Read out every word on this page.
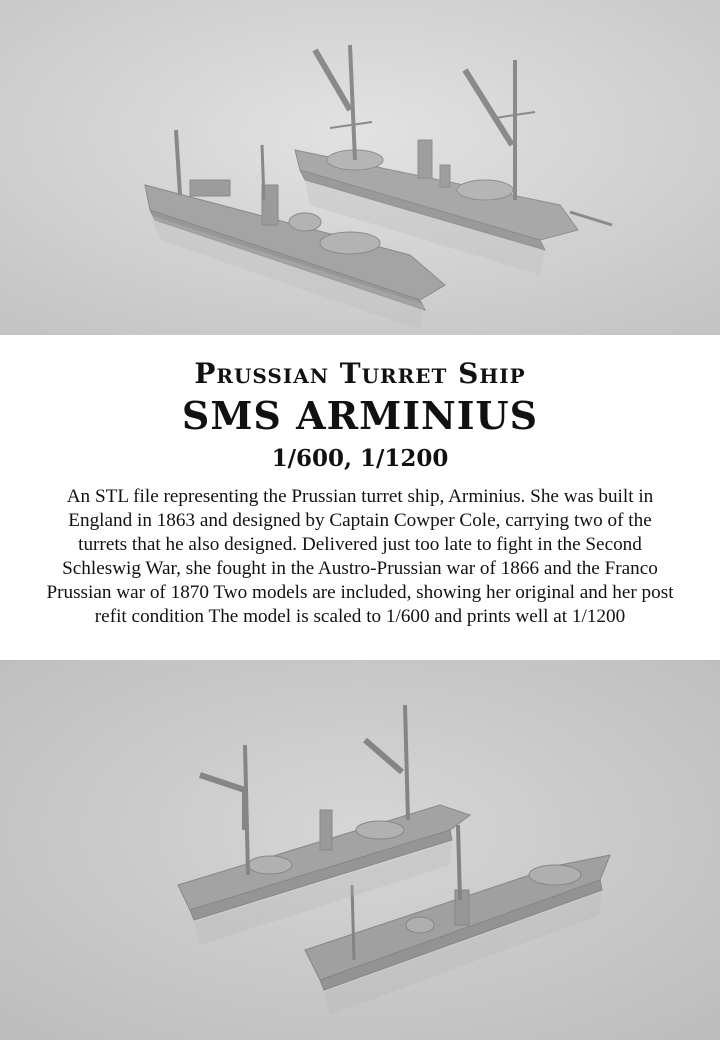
Prussian Turret Ship
SMS ARMINIUS
1/600, 1/1200
An STL file representing the Prussian turret ship, Arminius. She was built in
England in 1863 and designed by Captain Cowper Cole, carrying two of the
turrets that he also designed. Delivered just too late to fight in the Second
Schleswig War, she fought in the Austro-Prussian war of 1866 and the Franco
Prussian war of 1870 Two models are included, showing her original and her post
refit condition The model is scaled to 1/600 and prints well at 1/1200
